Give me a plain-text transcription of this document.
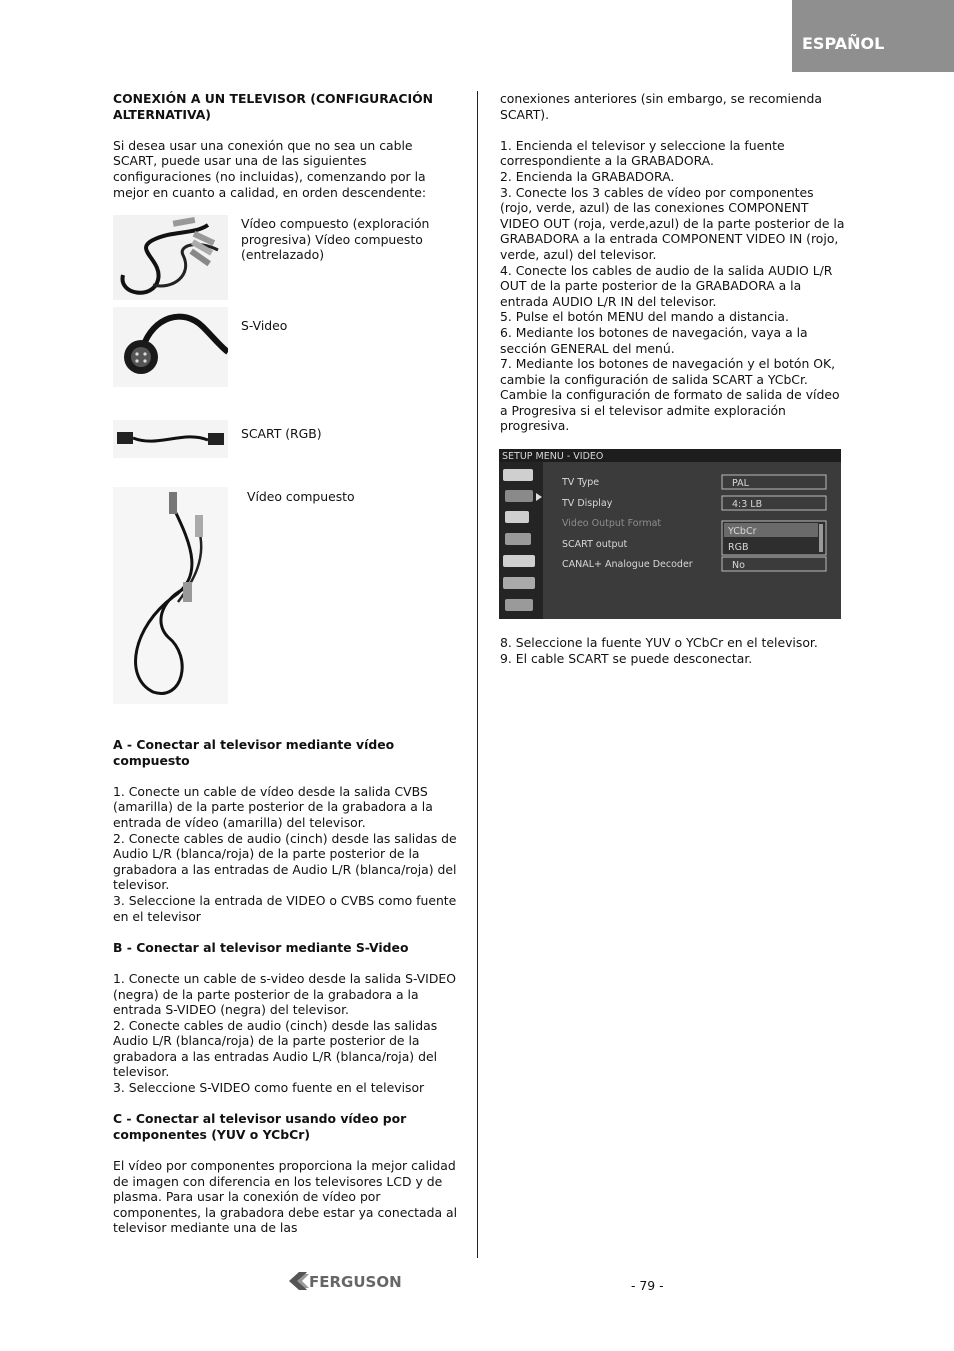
ESPAÑOL

CONEXIÓN A UN TELEVISOR (CONFIGURACIÓN ALTERNATIVA)

Si desea usar una conexión que no sea un cable SCART, puede usar una de las siguientes configuraciones (no incluidas), comenzando por la mejor en cuanto a calidad, en orden descendente:

Vídeo compuesto (exploración progresiva) Vídeo compuesto (entrelazado)
S-Video
SCART (RGB)
Vídeo compuesto

A - Conectar al televisor mediante vídeo compuesto

1. Conecte un cable de vídeo desde la salida CVBS (amarilla) de la parte posterior de la grabadora a la entrada de vídeo (amarilla) del televisor.

2. Conecte cables de audio (cinch) desde las salidas de Audio L/R (blanca/roja) de la parte posterior de la grabadora a las entradas de Audio L/R (blanca/roja) del televisor.

3. Seleccione la entrada de VIDEO o CVBS como fuente en el televisor

B - Conectar al televisor mediante S-Video

1. Conecte un cable de s-video desde la salida S-VIDEO (negra) de la parte posterior de la grabadora a la entrada S-VIDEO (negra) del televisor.

2. Conecte cables de audio (cinch) desde las salidas Audio L/R (blanca/roja) de la parte posterior de la grabadora a las entradas Audio L/R (blanca/roja) del televisor.

3. Seleccione S-VIDEO como fuente en el televisor

C - Conectar al televisor usando vídeo por componentes (YUV o YCbCr)

El vídeo por componentes proporciona la mejor calidad de imagen con diferencia en los televisores LCD y de plasma. Para usar la conexión de vídeo por componentes, la grabadora debe estar ya conectada al televisor mediante una de las

conexiones anteriores (sin embargo, se recomienda SCART).

1. Encienda el televisor y seleccione la fuente correspondiente a la GRABADORA.

2. Encienda la GRABADORA.

3. Conecte los 3 cables de vídeo por componentes (rojo, verde, azul) de las conexiones COMPONENT VIDEO OUT (roja, verde,azul) de la parte posterior de la GRABADORA a la entrada COMPONENT VIDEO IN (rojo, verde, azul) del televisor.

4. Conecte los cables de audio de la salida AUDIO L/R OUT de la parte posterior de la GRABADORA a la entrada AUDIO L/R IN del televisor.

5. Pulse el botón MENU del mando a distancia.

6. Mediante los botones de navegación, vaya a la sección GENERAL del menú.

7. Mediante los botones de navegación y el botón OK, cambie la configuración de salida SCART a YCbCr. Cambie la configuración de formato de salida de vídeo a Progresiva si el televisor admite exploración progresiva.

SETUP MENU - VIDEO
TV Type
TV Display
Video Output Format
SCART output
CANAL+ Analogue Decoder
PAL
4:3 LB
YCbCr
RGB
No

8. Seleccione la fuente YUV o YCbCr en el televisor.

9. El cable SCART se puede desconectar.

FERGUSON	- 79 -
